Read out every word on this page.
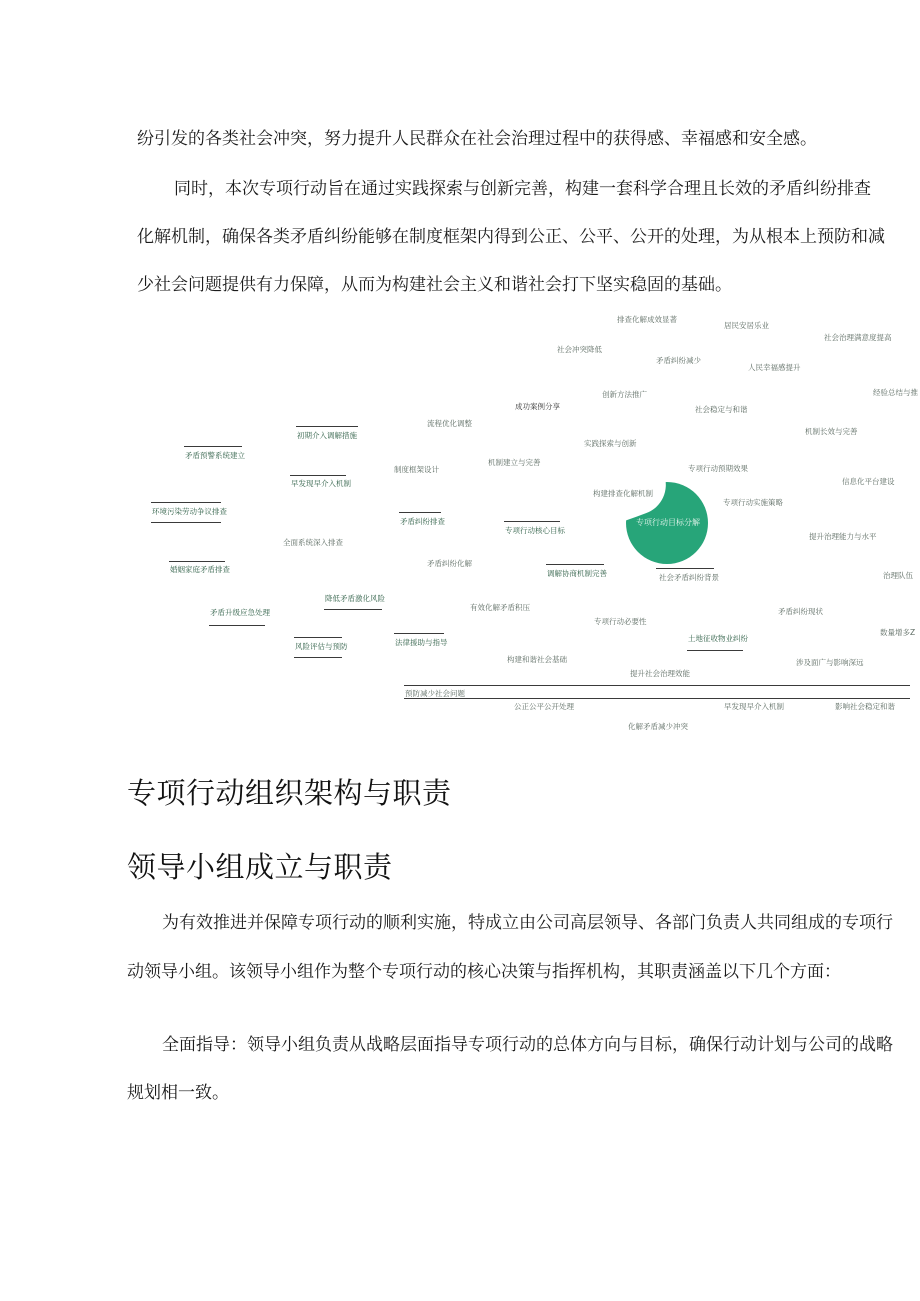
纷引发的各类社会冲突，努力提升人民群众在社会治理过程中的获得感、幸福感和安全感。
同时，本次专项行动旨在通过实践探索与创新完善，构建一套科学合理且长效的矛盾纠纷排查
化解机制，确保各类矛盾纠纷能够在制度框架内得到公正、公平、公开的处理，为从根本上预防和减
少社会问题提供有力保障，从而为构建社会主义和谐社会打下坚实稳固的基础。
专项行动目标分解
排查化解成效显著
居民安居乐业
社会治理满意度提高
社会冲突降低
矛盾纠纷减少
人民幸福感提升
经验总结与推
创新方法推广
成功案例分享	社会稳定与和谐
流程优化调整
初期介入调解措施	机制长效与完善
实践探索与创新
矛盾预警系统建立
制度框架设计
机制建立与完善
专项行动预期效果
早发现早介入机制	信息化平台建设
构建排查化解机制
专项行动实施策略
环境污染劳动争议排查
矛盾纠纷排查
专项行动核心目标
全面系统深入排查
提升治理能力与水平
矛盾纠纷化解
婚姻家庭矛盾排查	调解协商机制完善	社会矛盾纠纷背景	治理队伍
降低矛盾激化风险
有效化解矛盾积压
矛盾升级应急处理	矛盾纠纷现状
专项行动必要性
土地征收物业纠纷
风险评估与预防	法律援助与指导
数量增多Z
构建和谐社会基础	涉及面广与影响深远
提升社会治理效能
预防减少社会问题
公正公平公开处理	早发现早介入机制	影响社会稳定和谐
化解矛盾减少冲突
专项行动组织架构与职责
领导小组成立与职责
为有效推进并保障专项行动的顺利实施，特成立由公司高层领导、各部门负责人共同组成的专项行
动领导小组。该领导小组作为整个专项行动的核心决策与指挥机构，其职责涵盖以下几个方面：
全面指导：领导小组负责从战略层面指导专项行动的总体方向与目标，确保行动计划与公司的战略
规划相一致。
